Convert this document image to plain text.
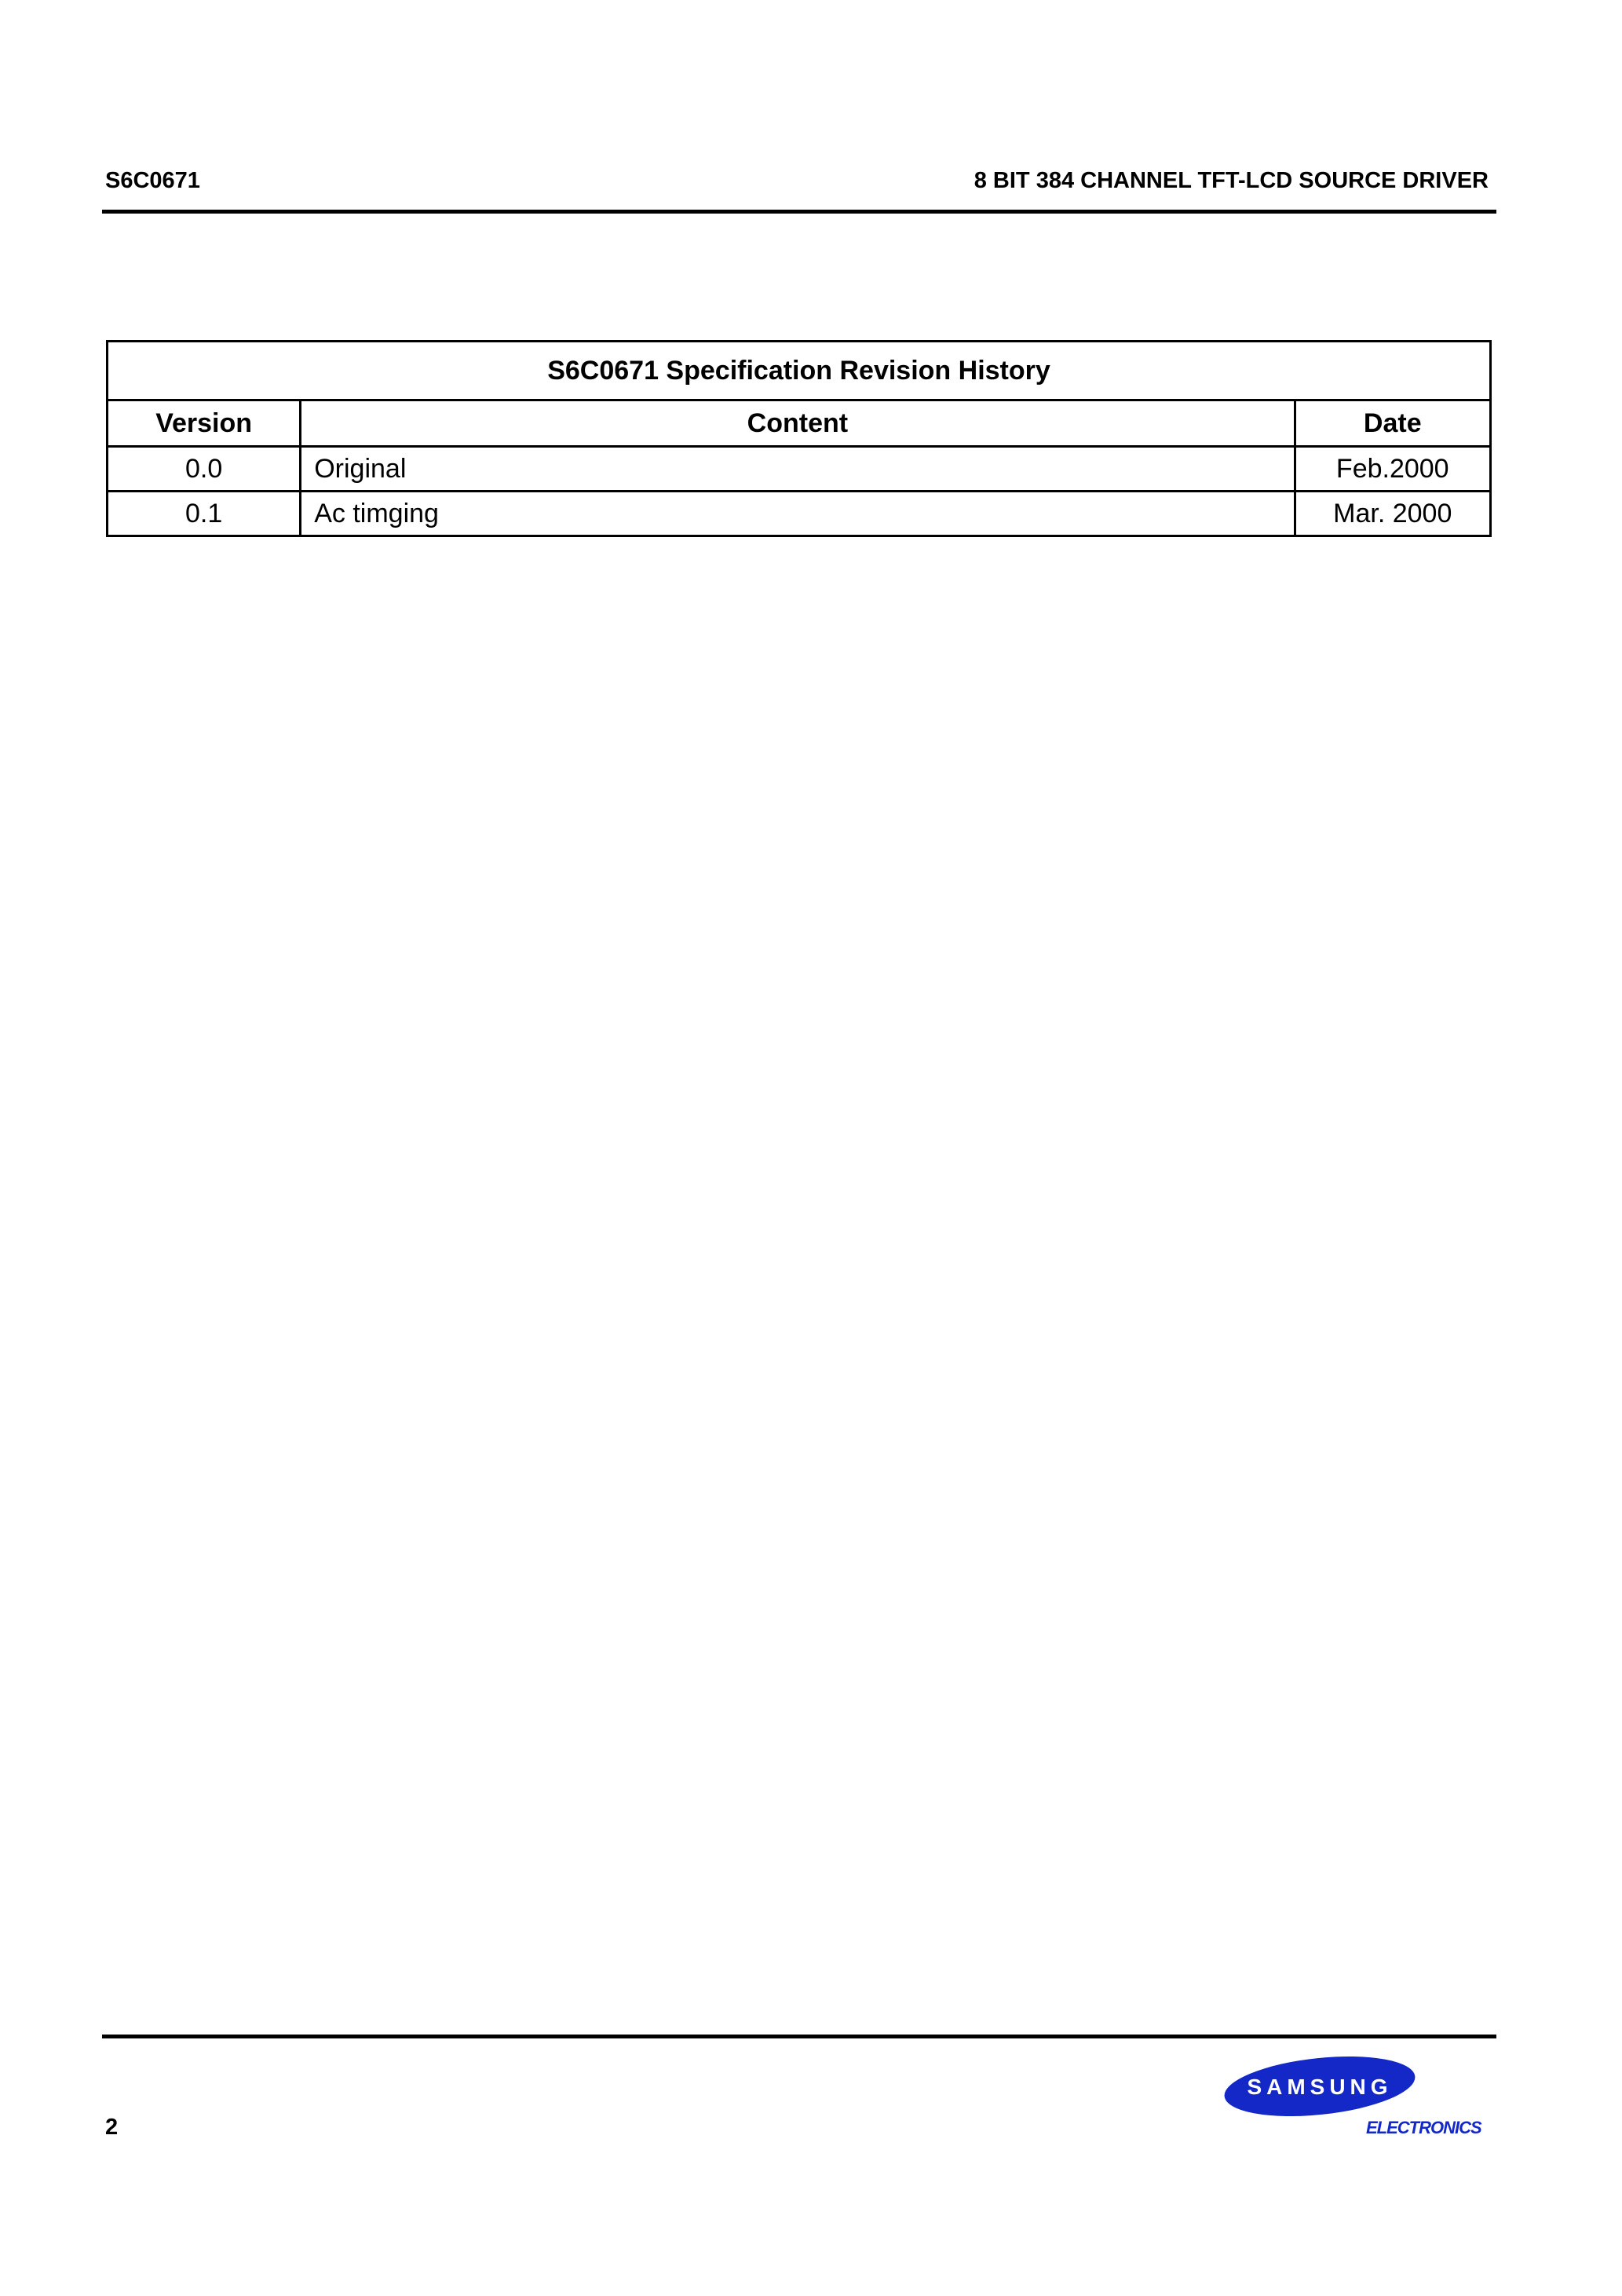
S6C0671	8 BIT 384 CHANNEL TFT-LCD SOURCE DRIVER
S6C0671 Specification Revision History		
Version	Content	Date
0.0	Original	Feb.2000
0.1	Ac timging	Mar. 2000
2
SAMSUNG
ELECTRONICS
